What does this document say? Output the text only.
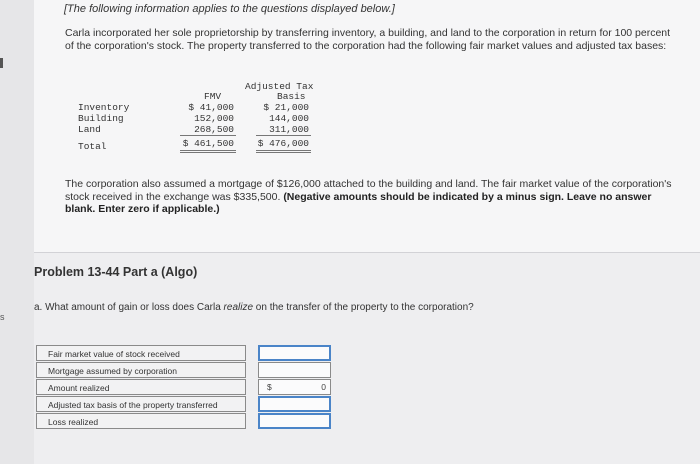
s
[The following information applies to the questions displayed below.]
Carla incorporated her sole proprietorship by transferring inventory, a building, and land to the corporation in return for 100 percent of the corporation's stock. The property transferred to the corporation had the following fair market values and adjusted tax bases:
FMV
Adjusted Tax
Basis
Inventory	$ 41,000	$ 21,000
Building	152,000	144,000
Land	268,500	311,000
Total	$ 461,500	$ 476,000
The corporation also assumed a mortgage of $126,000 attached to the building and land. The fair market value of the corporation's stock received in the exchange was $335,500. (Negative amounts should be indicated by a minus sign. Leave no answer blank. Enter zero if applicable.)
Problem 13-44 Part a (Algo)
a. What amount of gain or loss does Carla realize on the transfer of the property to the corporation?
Fair market value of stock received
Mortgage assumed by corporation
Amount realized	$	0
Adjusted tax basis of the property transferred
Loss realized
